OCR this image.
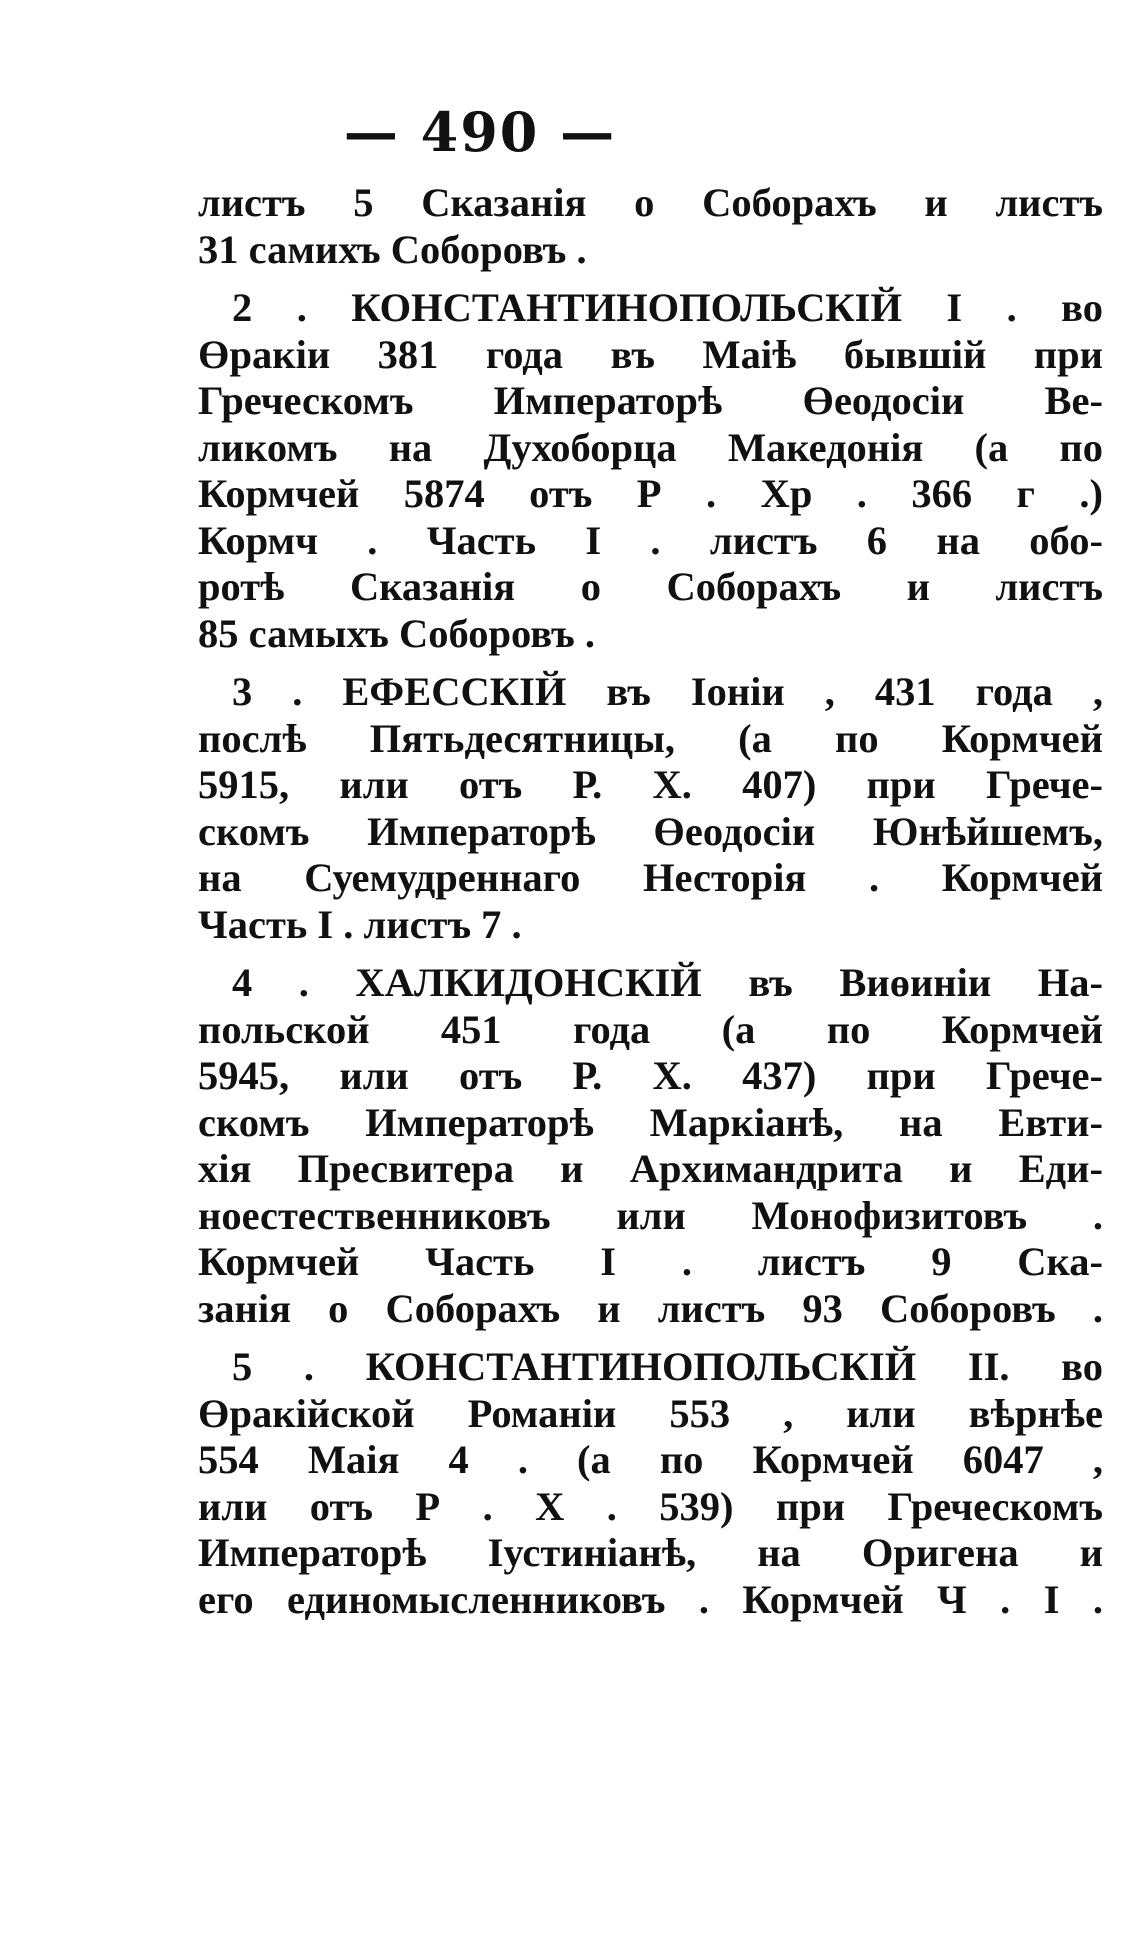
— 490 —
листъ 5 Сказанія о Соборахъ и листъ
31 самихъ Соборовъ .
2 . КОНСТАНТИНОПОЛЬСКІЙ I . во
Өракіи 381 года въ Маіѣ бывшій при
Греческомъ Императорѣ Өеодосіи Ве-
ликомъ на Духоборца Македонія (а по
Кормчей 5874 отъ Р . Хр . 366 г .)
Кормч . Часть I . листъ 6 на обо-
ротѣ Сказанія о Соборахъ и листъ
85 самыхъ Соборовъ .
3 . ЕФЕССКІЙ въ Іоніи , 431 года ,
послѣ Пятьдесятницы, (а по Кормчей
5915, или отъ Р. Х. 407) при Грече-
скомъ Императорѣ Өеодосіи Юнѣйшемъ,
на Суемудреннаго Несторія . Кормчей
Часть I . листъ 7 .
4 . ХАЛКИДОНСКІЙ въ Виөиніи На-
польской 451 года (а по Кормчей
5945, или отъ Р. Х. 437) при Грече-
скомъ Императорѣ Маркіанѣ, на Евти-
хія Пресвитера и Архимандрита и Еди-
ноестественниковъ или Монофизитовъ .
Кормчей Часть I . листъ 9 Ска-
занія о Соборахъ и листъ 93 Соборовъ .
5 . КОНСТАНТИНОПОЛЬСКІЙ II. во
Өракійской Романіи 553 , или вѣрнѣе
554 Маія 4 . (а по Кормчей 6047 ,
или отъ Р . Х . 539) при Греческомъ
Императорѣ Іустиніанѣ, на Оригена и
его единомысленниковъ . Кормчей Ч . I .
